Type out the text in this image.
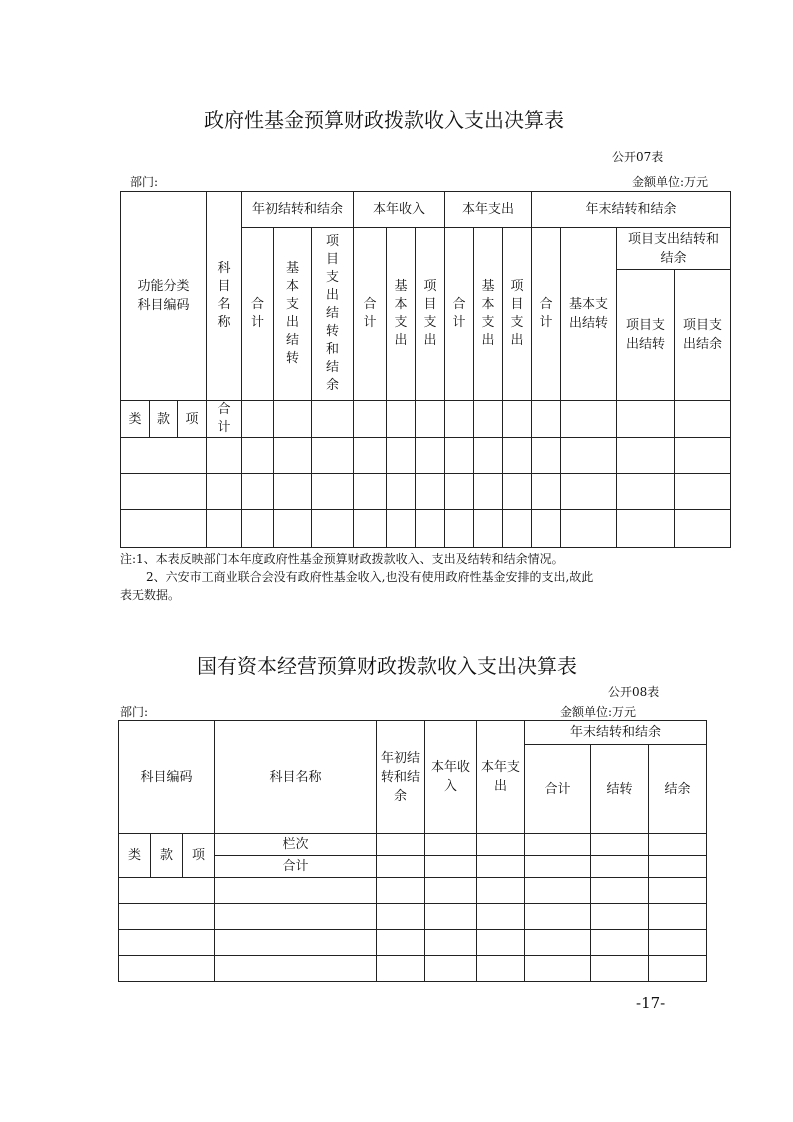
政府性基金预算财政拨款收入支出决算表
公开07表
部门:	金额单位:万元
功能分类科目编码			科目名称	年初结转和结余			本年收入			本年支出			年末结转和结余			

				合计	基本支出结转	项目支出结转和结余	合计	基本支出	项目支出	合计	基本支出	项目支出	合计	基本支出结转	项目支出结转和结余	

															项目支出结转	项目支出结余

类	款	项	合计													

注:1、本表反映部门本年度政府性基金预算财政拨款收入、支出及结转和结余情况。
2、六安市工商业联合会没有政府性基金收入,也没有使用政府性基金安排的支出,故此
表无数据。
国有资本经营预算财政拨款收入支出决算表
公开08表
部门:	金额单位:万元
科目编码			科目名称	年初结转和结余	本年收入	本年支出	年末结转和结余		
							合计	结转	结余
类	款	项	栏次						
			合计						

-17-
